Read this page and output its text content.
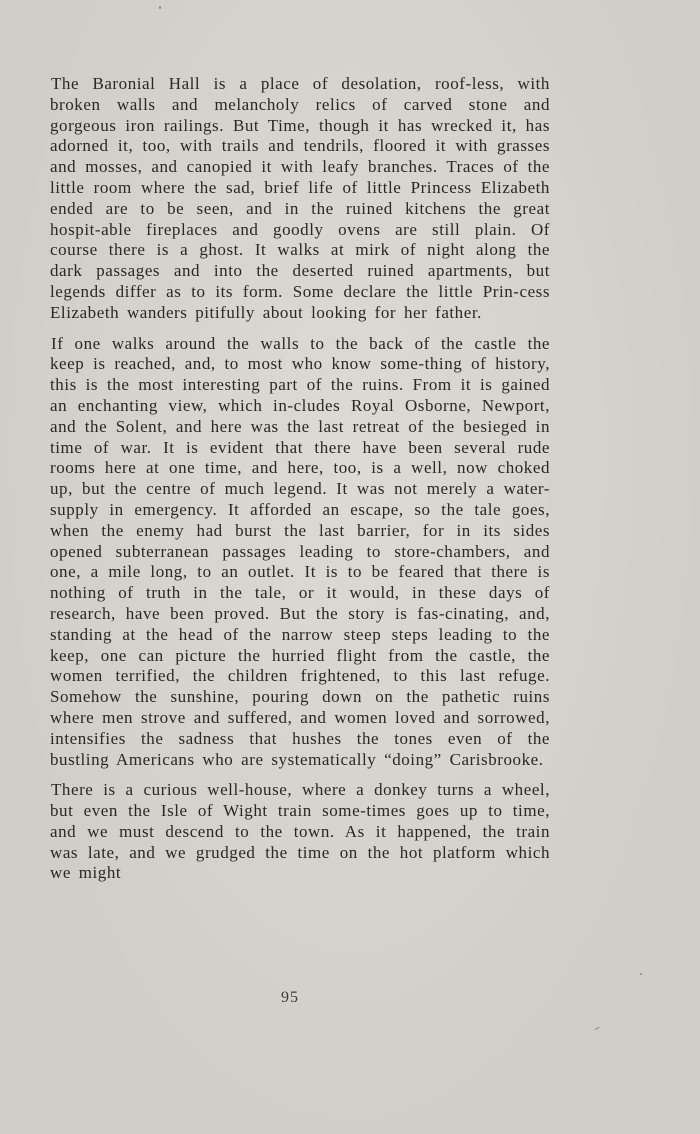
The Baronial Hall is a place of desolation, roof-less, with broken walls and melancholy relics of carved stone and gorgeous iron railings. But Time, though it has wrecked it, has adorned it, too, with trails and tendrils, floored it with grasses and mosses, and canopied it with leafy branches. Traces of the little room where the sad, brief life of little Princess Elizabeth ended are to be seen, and in the ruined kitchens the great hospit-able fireplaces and goodly ovens are still plain. Of course there is a ghost. It walks at mirk of night along the dark passages and into the deserted ruined apartments, but legends differ as to its form. Some declare the little Prin-cess Elizabeth wanders pitifully about looking for her father.

If one walks around the walls to the back of the castle the keep is reached, and, to most who know some-thing of history, this is the most interesting part of the ruins. From it is gained an enchanting view, which in-cludes Royal Osborne, Newport, and the Solent, and here was the last retreat of the besieged in time of war. It is evident that there have been several rude rooms here at one time, and here, too, is a well, now choked up, but the centre of much legend. It was not merely a water-supply in emergency. It afforded an escape, so the tale goes, when the enemy had burst the last barrier, for in its sides opened subterranean passages leading to store-chambers, and one, a mile long, to an outlet. It is to be feared that there is nothing of truth in the tale, or it would, in these days of research, have been proved. But the story is fas-cinating, and, standing at the head of the narrow steep steps leading to the keep, one can picture the hurried flight from the castle, the women terrified, the children frightened, to this last refuge. Somehow the sunshine, pouring down on the pathetic ruins where men strove and suffered, and women loved and sorrowed, intensifies the sadness that hushes the tones even of the bustling Americans who are systematically “doing” Carisbrooke.

There is a curious well-house, where a donkey turns a wheel, but even the Isle of Wight train some-times goes up to time, and we must descend to the town. As it happened, the train was late, and we grudged the time on the hot platform which we might

95
